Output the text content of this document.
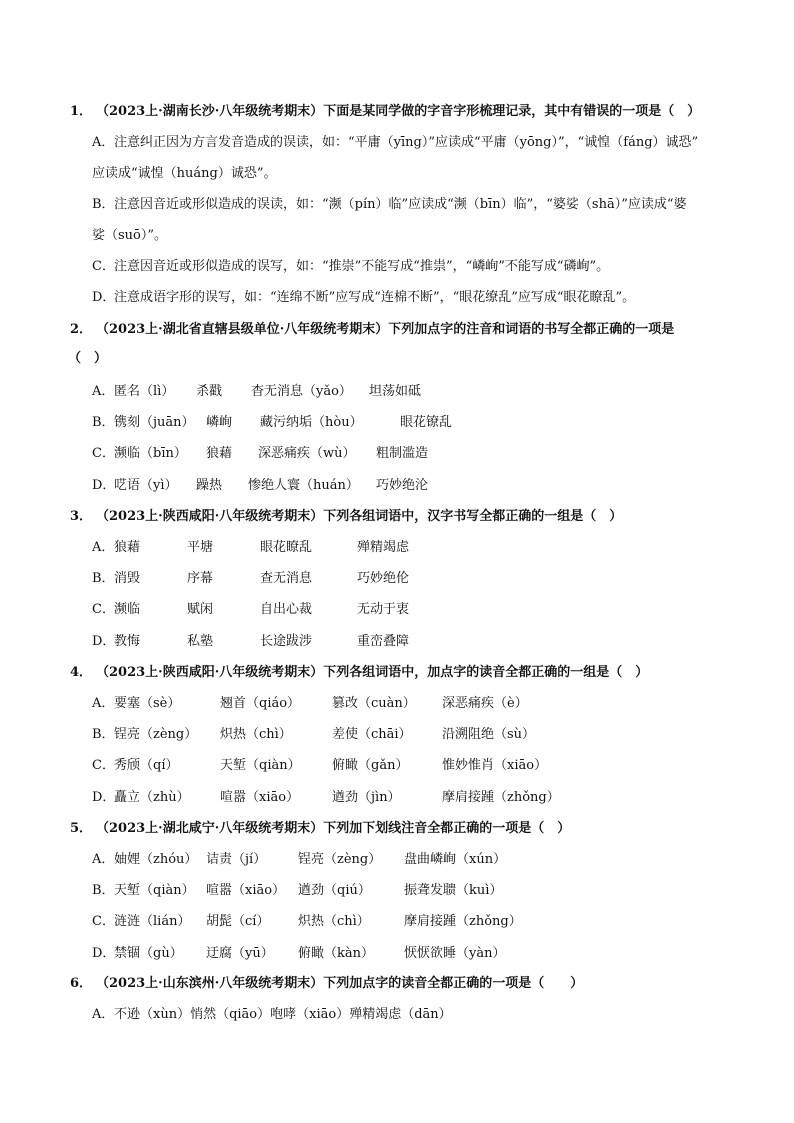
1． （2023上·湖南长沙·八年级统考期末）下面是某同学做的字音字形梳理记录，其中有错误的一项是（　）
A．注意纠正因为方言发音造成的误读，如：“平庸（yīng）”应读成“平庸（yōng）”，“诚惶（fáng）诚恐”
应读成“诚惶（huáng）诚恐”。
B．注意因音近或形似造成的误读，如：“濒（pín）临”应读成“濒（bīn）临”，“婆娑（shā）”应读成“婆
娑（suō）”。
C．注意因音近或形似造成的误写，如：“推崇”不能写成“推祟”，“嶙峋”不能写成“磷峋”。
D．注意成语字形的误写，如：“连绵不断”应写成“连棉不断”，“眼花缭乱”应写成“眼花瞭乱”。
2． （2023上·湖北省直辖县级单位·八年级统考期末）下列加点字的注音和词语的书写全都正确的一项是
（　）
A．匿名（lì） 杀戳 杳无消息（yǎo） 坦荡如砥
B．镌刻（juān） 嶙峋 藏污纳垢（hòu）	眼花镣乱
C．濒临（bīn） 狼藉 深恶痛疾（wù） 粗制滥造
D．呓语（yì） 躁热 惨绝人寰（huán） 巧妙绝沦
3． （2023上·陕西咸阳·八年级统考期末）下列各组词语中，汉字书写全都正确的一组是（　）
A．狼藉	平塘	眼花瞭乱	殚精竭虑
B．消毁	序幕	查无消息	巧妙绝伦
C．濒临	赋闲	自出心裁	无动于衷
D．教悔	私塾	长途跋涉	重峦叠障
4． （2023上·陕西咸阳·八年级统考期末）下列各组词语中，加点字的读音全都正确的一组是（　）
A．要塞（sè）	翘首（qiáo） 篡改（cuàn） 深恶痛疾（è）
B．锃亮（zèng） 炽热（chì）	差使（chāi） 沿溯阻绝（sù）
C．秀颀（qí）	天堑（qiàn） 俯瞰（gǎn）	惟妙惟肖（xiāo）
D．矗立（zhù） 喧嚣（xiāo）	遒劲（jìn）	摩肩接踵（zhǒng）
5． （2023上·湖北咸宁·八年级统考期末）下列加下划线注音全都正确的一项是（　）
A．妯娌（zhóu） 诘责（jí） 锃亮（zèng） 盘曲嶙峋（xún）
B．天堑（qiàn） 喧嚣（xiāo） 遒劲（qiú）	振聋发聩（kuì）
C．涟涟（lián） 胡髭（cí） 炽热（chì）	摩肩接踵（zhǒng）
D．禁锢（gù） 迂腐（yū） 俯瞰（kàn） 恹恹欲睡（yàn）
6． （2023上·山东滨州·八年级统考期末）下列加点字的读音全都正确的一项是（　　）
A．不逊（xùn）悄然（qiāo）咆哮（xiāo）殚精竭虑（dān）
